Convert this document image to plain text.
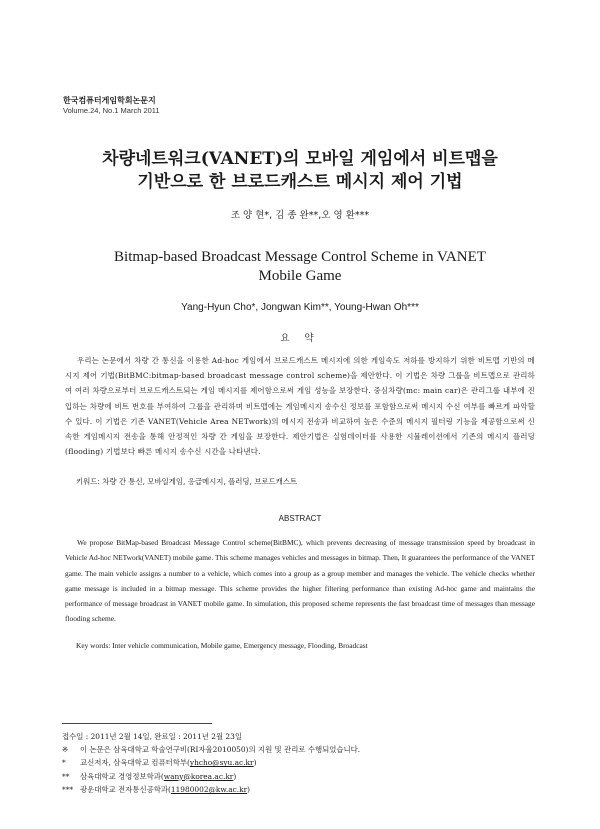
한국컴퓨터게임학회논문지
Volume.24, No.1 March 2011
차량네트워크(VANET)의 모바일 게임에서 비트맵을
기반으로 한 브로드캐스트 메시지 제어 기법
조 양 현*, 김 종 완**,오 영 환***
Bitmap-based Broadcast Message Control Scheme in VANET
Mobile Game
Yang-Hyun Cho*, Jongwan Kim**, Young-Hwan Oh***
요 약

우리는 논문에서 차량 간 통신을 이용한 Ad-hoc 게임에서 브로드캐스트 메시지에 의한 게임속도 저하를 방지하기 위한 비트맵 기반의 메시지 제어 기법(BitBMC:bitmap-based broadcast message control scheme)을 제안한다. 이 기법은 차량 그룹을 비트맵으로 관리하여 여러 차량으로부터 브로드캐스트되는 게임 메시지를 제어함으로써 게임 성능을 보장한다. 중심차량(mc: main car)은 관리그룹 내부에 진입하는 차량에 비트 번호를 부여하여 그룹을 관리하며 비트맵에는 게임메시지 송수신 정보를 포함함으로써 메시지 수신 여부를 빠르게 파악할 수 있다. 이 기법은 기존 VANET(Vehicle Area NETwork)의 메시지 전송과 비교하여 높은 수준의 메시지 필터링 기능을 제공함으로써 신속한 게임메시지 전송을 통해 안정적인 차량 간 게임을 보장한다. 제안기법은 실험데이터를 사용한 시뮬레이션에서 기존의 메시지 플러딩(flooding) 기법보다 빠른 메시지 송수신 시간을 나타낸다.

키워드: 차량 간 통신, 모바일게임, 응급메시지, 플러딩, 브로드캐스트
ABSTRACT

We propose BitMap-based Broadcast Message Control scheme(BitBMC), which prevents decreasing of message transmission speed by broadcast in Vehicle Ad-hoc NETwork(VANET) mobile game. This scheme manages vehicles and messages in bitmap. Then, It guarantees the performance of the VANET game. The main vehicle assigns a number to a vehicle, which comes into a group as a group member and manages the vehicle. The vehicle checks whether game message is included in a bitmap message. This scheme provides the higher filtering performance than existing Ad-hoc game and maintains the performance of message broadcast in VANET mobile game. In simulation, this proposed scheme represents the fast broadcast time of messages than message flooding scheme.

Key words: Inter vehicle communication, Mobile game, Emergency message, Flooding, Broadcast
접수일 : 2011년 2월 14일, 완료일 : 2011년 2월 23일
※ 이 논문은 삼육대학교 학술연구비(RI자율2010050)의 지원 및 관리로 수행되었습니다.
* 교신저자, 삼육대학교 컴퓨터학부(yhcho@syu.ac.kr)
** 삼육대학교 경영정보학과(wany@korea.ac.kr)
*** 광운대학교 전자통신공학과(11980002@kw.ac.kr)
